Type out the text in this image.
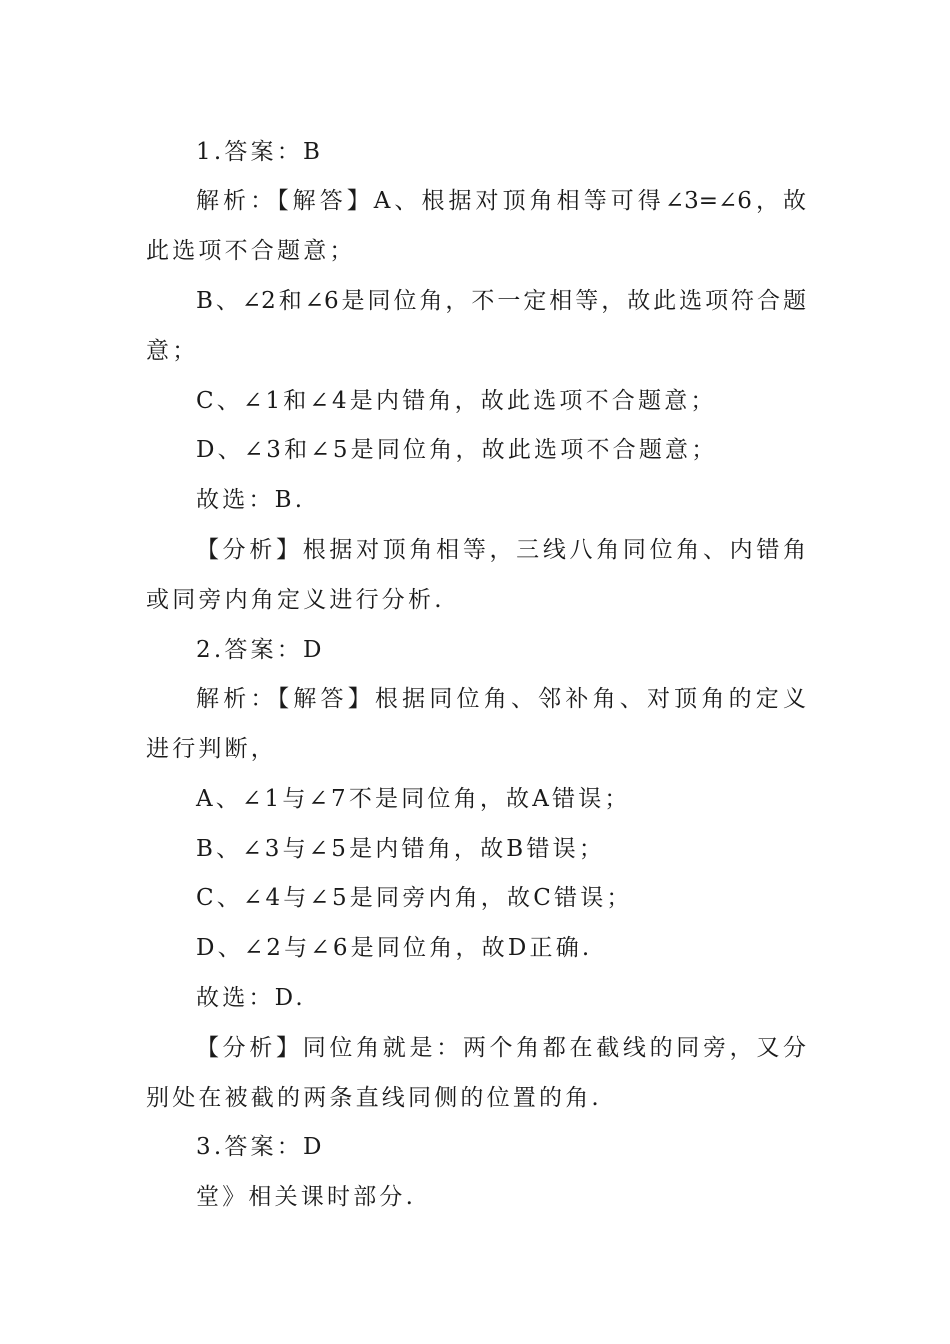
1.答案：B
解析：【解答】A、根据对顶角相等可得∠3=∠6，故
此选项不合题意；
B、∠2和∠6是同位角，不一定相等，故此选项符合题
意；
C、∠1和∠4是内错角，故此选项不合题意；
D、∠3和∠5是同位角，故此选项不合题意；
故选：B.
【分析】根据对顶角相等，三线八角同位角、内错角
或同旁内角定义进行分析.
2.答案：D
解析：【解答】根据同位角、邻补角、对顶角的定义
进行判断，
A、∠1与∠7不是同位角，故A错误；
B、∠3与∠5是内错角，故B错误；
C、∠4与∠5是同旁内角，故C错误；
D、∠2与∠6是同位角，故D正确.
故选：D.
【分析】同位角就是：两个角都在截线的同旁，又分
别处在被截的两条直线同侧的位置的角.
3.答案：D
堂》相关课时部分.
